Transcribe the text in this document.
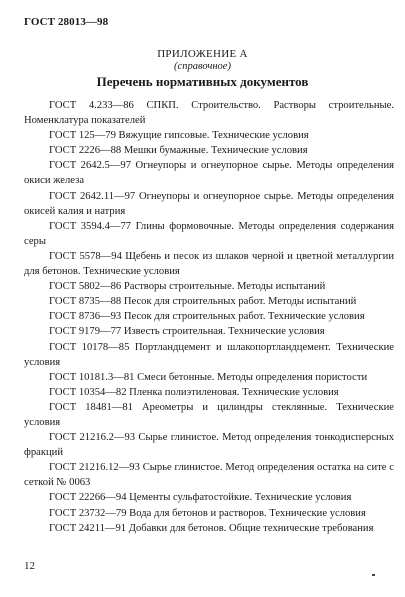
ГОСТ 28013—98
ПРИЛОЖЕНИЕ А
(справочное)
Перечень нормативных документов

ГОСТ 4.233—86 СПКП. Строительство. Растворы строительные. Номенклатура показателей

ГОСТ 125—79 Вяжущие гипсовые. Технические условия

ГОСТ 2226—88 Мешки бумажные. Технические условия

ГОСТ 2642.5—97 Огнеупоры и огнеупорное сырье. Методы определения окиси железа

ГОСТ 2642.11—97 Огнеупоры и огнеупорное сырье. Методы определения окисей калия и натрия

ГОСТ 3594.4—77 Глины формовочные. Методы определения содержания серы

ГОСТ 5578—94 Щебень и песок из шлаков черной и цветной металлургии для бетонов. Технические условия

ГОСТ 5802—86 Растворы строительные. Методы испытаний

ГОСТ 8735—88 Песок для строительных работ. Методы испытаний

ГОСТ 8736—93 Песок для строительных работ. Технические условия

ГОСТ 9179—77 Известь строительная. Технические условия

ГОСТ 10178—85 Портландцемент и шлакопортландцемент. Технические условия

ГОСТ 10181.3—81 Смеси бетонные. Методы определения пористости

ГОСТ 10354—82 Пленка полиэтиленовая. Технические условия

ГОСТ 18481—81 Ареометры и цилиндры стеклянные. Технические условия

ГОСТ 21216.2—93 Сырье глинистое. Метод определения тонкодисперсных фракций

ГОСТ 21216.12—93 Сырье глинистое. Метод определения остатка на сите с сеткой № 0063

ГОСТ 22266—94 Цементы сульфатостойкие. Технические условия

ГОСТ 23732—79 Вода для бетонов и растворов. Технические условия

ГОСТ 24211—91 Добавки для бетонов. Общие технические требования

12
